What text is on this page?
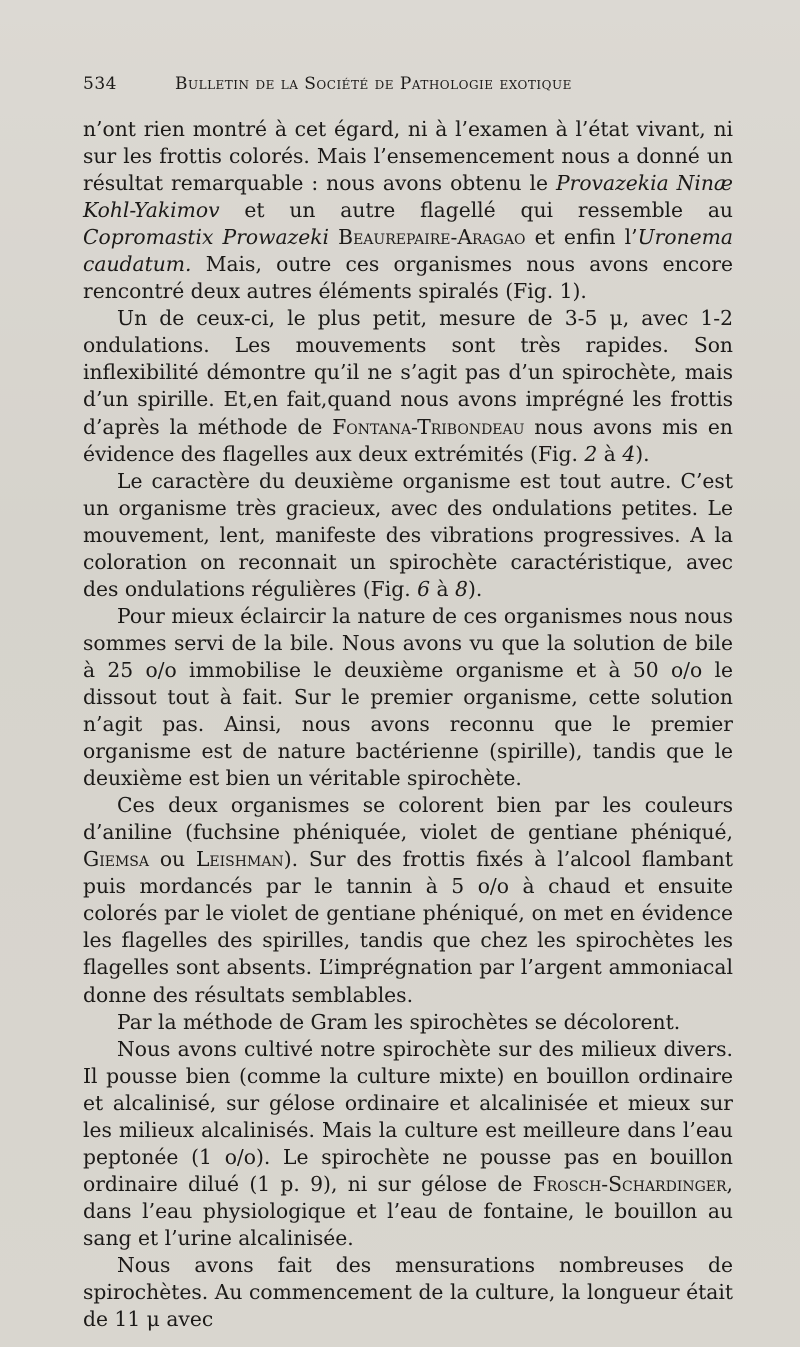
534	Bulletin de la Société de Pathologie exotique

n’ont rien montré à cet égard, ni à l’examen à l’état vivant, ni sur les frottis colorés. Mais l’ensemencement nous a donné un résultat remarquable : nous avons obtenu le Provazekia Ninæ Kohl-Yakimov et un autre flagellé qui ressemble au Copromastix Prowazeki Beaurepaire-Aragao et enfin l’Uronema caudatum. Mais, outre ces organismes nous avons encore rencontré deux autres éléments spiralés (Fig. 1).

Un de ceux-ci, le plus petit, mesure de 3-5 μ, avec 1-2 ondulations. Les mouvements sont très rapides. Son inflexibilité démontre qu’il ne s’agit pas d’un spirochète, mais d’un spirille. Et,en fait,quand nous avons imprégné les frottis d’après la méthode de Fontana-Tribondeau nous avons mis en évidence des flagelles aux deux extrémités (Fig. 2 à 4).

Le caractère du deuxième organisme est tout autre. C’est un organisme très gracieux, avec des ondulations petites. Le mouvement, lent, manifeste des vibrations progressives. A la coloration on reconnait un spirochète caractéristique, avec des ondulations régulières (Fig. 6 à 8).

Pour mieux éclaircir la nature de ces organismes nous nous sommes servi de la bile. Nous avons vu que la solution de bile à 25 o/o immobilise le deuxième organisme et à 50 o/o le dissout tout à fait. Sur le premier organisme, cette solution n’agit pas. Ainsi, nous avons reconnu que le premier organisme est de nature bactérienne (spirille), tandis que le deuxième est bien un véritable spirochète.

Ces deux organismes se colorent bien par les couleurs d’aniline (fuchsine phéniquée, violet de gentiane phéniqué, Giemsa ou Leishman). Sur des frottis fixés à l’alcool flambant puis mordancés par le tannin à 5 o/o à chaud et ensuite colorés par le violet de gentiane phéniqué, on met en évidence les flagelles des spirilles, tandis que chez les spirochètes les flagelles sont absents. L’imprégnation par l’argent ammoniacal donne des résultats semblables.

Par la méthode de Gram les spirochètes se décolorent.

Nous avons cultivé notre spirochète sur des milieux divers. Il pousse bien (comme la culture mixte) en bouillon ordinaire et alcalinisé, sur gélose ordinaire et alcalinisée et mieux sur les milieux alcalinisés. Mais la culture est meilleure dans l’eau peptonée (1 o/o). Le spirochète ne pousse pas en bouillon ordinaire dilué (1 p. 9), ni sur gélose de Frosch-Schardinger, dans l’eau physiologique et l’eau de fontaine, le bouillon au sang et l’urine alcalinisée.

Nous avons fait des mensurations nombreuses de spirochètes. Au commencement de la culture, la longueur était de 11 μ avec
